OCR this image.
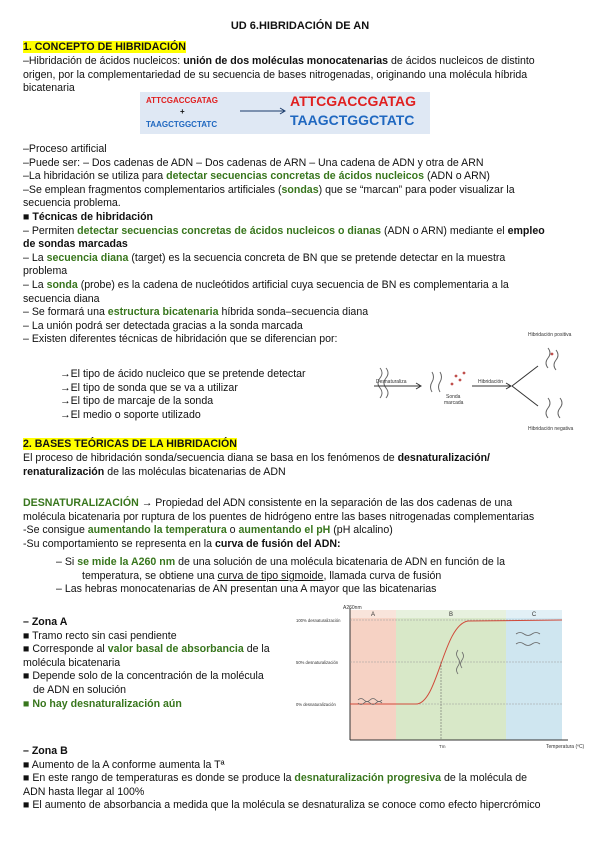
UD 6.HIBRIDACIÓN DE AN
1. CONCEPTO DE HIBRIDACIÓN
–Hibridación de ácidos nucleicos: unión de dos moléculas monocatenarias de ácidos nucleicos de distinto
origen, por la complementariedad de su secuencia de bases nitrogenadas, originando una molécula híbrida
bicatenaria
ATTCGACCGATAG
+
TAAGCTGGCTATC
ATTCGACCGATAG
TAAGCTGGCTATC
–Proceso artificial
–Puede ser: – Dos cadenas de ADN – Dos cadenas de ARN – Una cadena de ADN y otra de ARN
–La hibridación se utiliza para detectar secuencias concretas de ácidos nucleicos (ADN o ARN)
–Se emplean fragmentos complementarios artificiales (sondas) que se “marcan” para poder visualizar la
secuencia problema.
■ Técnicas de hibridación
– Permiten detectar secuencias concretas de ácidos nucleicos o dianas (ADN o ARN) mediante el empleo
de sondas marcadas
– La secuencia diana (target) es la secuencia concreta de BN que se pretende detectar en la muestra
problema
– La sonda (probe) es la cadena de nucleótidos artificial cuya secuencia de BN es complementaria a la
secuencia diana
– Se formará una estructura bicatenaria híbrida sonda–secuencia diana
– La unión podrá ser detectada gracias a la sonda marcada
– Existen diferentes técnicas de hibridación que se diferencian por:
→El tipo de ácido nucleico que se pretende detectar
→El tipo de sonda que se va a utilizar
→El tipo de marcaje de la sonda
→El medio o soporte utilizado
Desnaturaliza	Hibridación
Sonda
marcada
Hibridación positiva
Hibridación negativa
2. BASES TEÓRICAS DE LA HIBRIDACIÓN
El proceso de hibridación sonda/secuencia diana se basa en los fenómenos de desnaturalización/
renaturalización de las moléculas bicatenarias de ADN
DESNATURALIZACIÓN → Propiedad del ADN consistente en la separación de las dos cadenas de una
molécula bicatenaria por ruptura de los puentes de hidrógeno entre las bases nitrogenadas complementarias
-Se consigue aumentando la temperatura o aumentando el pH (pH alcalino)
-Su comportamiento se representa en la curva de fusión del ADN:
– Si se mide la A260 nm de una solución de una molécula bicatenaria de ADN en función de la
temperatura, se obtiene una curva de tipo sigmoide, llamada curva de fusión
– Las hebras monocatenarias de AN presentan una A mayor que las bicatenarias
– Zona A
■ Tramo recto sin casi pendiente
■ Corresponde al valor basal de absorbancia de la
molécula bicatenaria
■ Depende solo de la concentración de la molécula
de ADN en solución
■ No hay desnaturalización aún
A	B	C
A260nm
Temperatura (ºC)
100% desnaturalización
50% desnaturalización
0% desnaturalización
Tm
– Zona B
■ Aumento de la A conforme aumenta la Tª
■ En este rango de temperaturas es donde se produce la desnaturalización progresiva de la molécula de
ADN hasta llegar al 100%
■ El aumento de absorbancia a medida que la molécula se desnaturaliza se conoce como efecto hipercrómico
